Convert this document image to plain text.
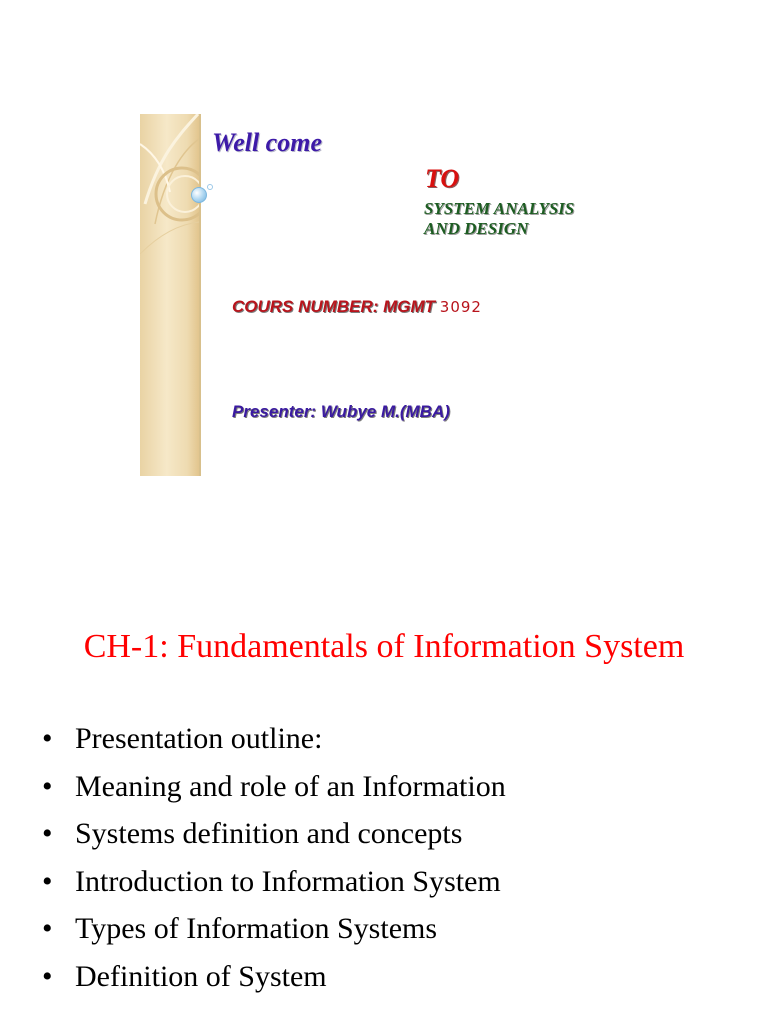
Well come
TO
SYSTEM ANALYSIS
AND DESIGN
COURS NUMBER: MGMT 3092
Presenter: Wubye M.(MBA)
CH-1: Fundamentals of Information System
• Presentation outline:
• Meaning and role of an Information
• Systems definition and concepts
• Introduction to Information System
• Types of Information Systems
• Definition of System
